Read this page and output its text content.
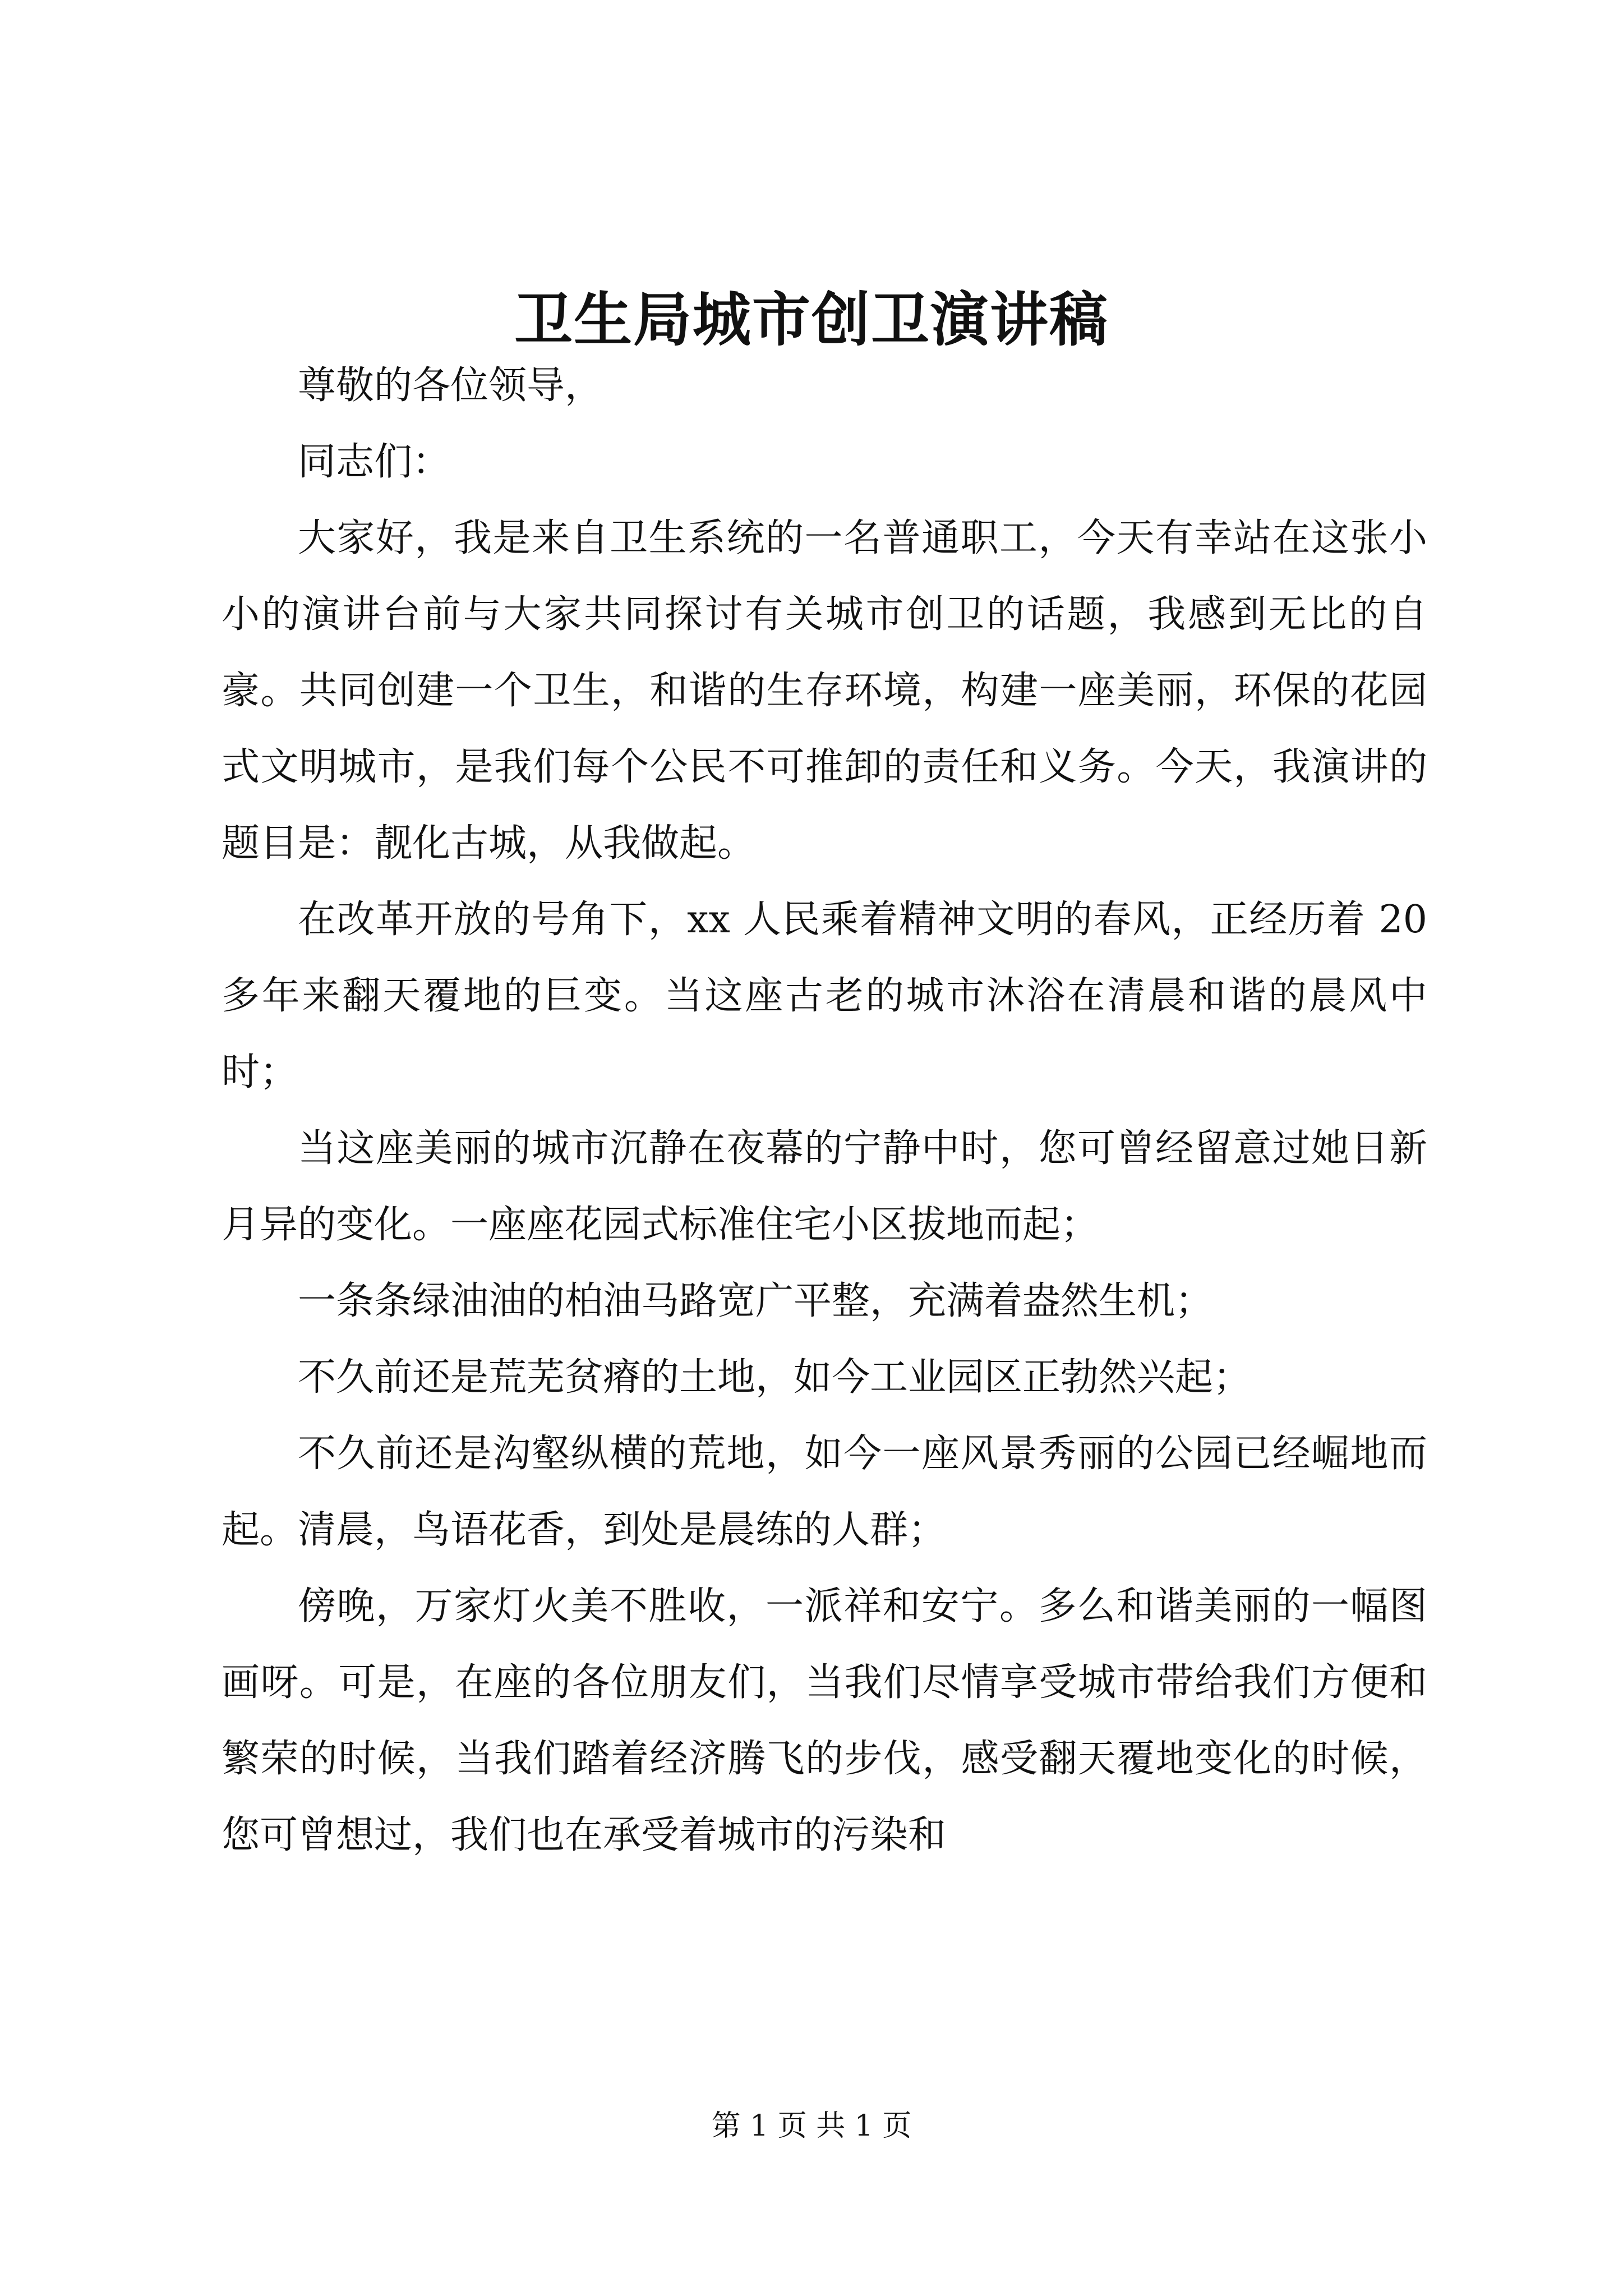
卫生局城市创卫演讲稿

尊敬的各位领导，

同志们：

大家好，我是来自卫生系统的一名普通职工，今天有幸站在这张小小的演讲台前与大家共同探讨有关城市创卫的话题，我感到无比的自豪。共同创建一个卫生，和谐的生存环境，构建一座美丽，环保的花园式文明城市，是我们每个公民不可推卸的责任和义务。今天，我演讲的题目是：靓化古城，从我做起。

在改革开放的号角下，xx 人民乘着精神文明的春风，正经历着 20 多年来翻天覆地的巨变。当这座古老的城市沐浴在清晨和谐的晨风中时；

当这座美丽的城市沉静在夜幕的宁静中时，您可曾经留意过她日新月异的变化。一座座花园式标准住宅小区拔地而起；

一条条绿油油的柏油马路宽广平整，充满着盎然生机；

不久前还是荒芜贫瘠的土地，如今工业园区正勃然兴起；

不久前还是沟壑纵横的荒地，如今一座风景秀丽的公园已经崛地而起。清晨，鸟语花香，到处是晨练的人群；

傍晚，万家灯火美不胜收，一派祥和安宁。多么和谐美丽的一幅图画呀。可是，在座的各位朋友们，当我们尽情享受城市带给我们方便和繁荣的时候，当我们踏着经济腾飞的步伐，感受翻天覆地变化的时候，您可曾想过，我们也在承受着城市的污染和

第 1 页 共 1 页
